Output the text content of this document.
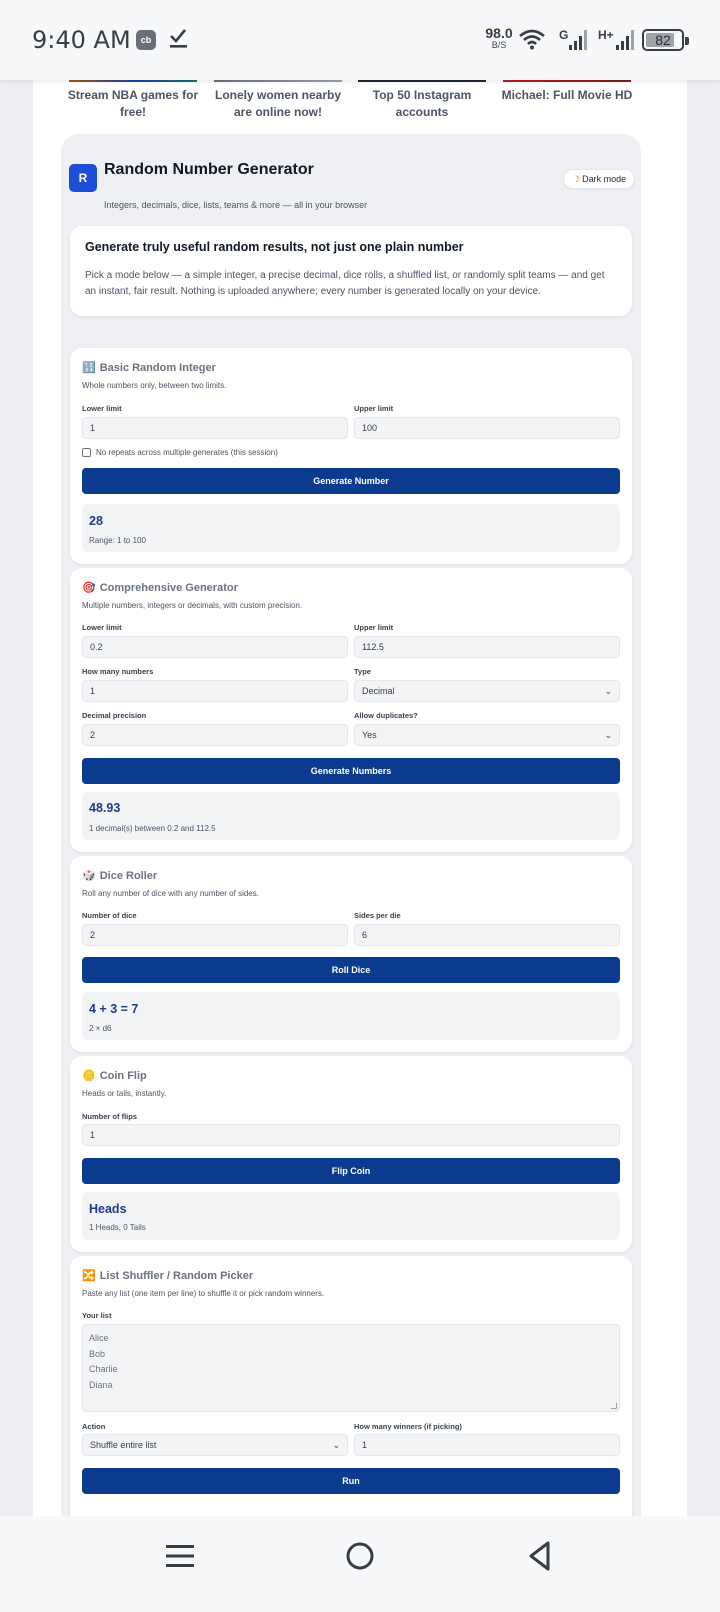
9:40 AM	cb	98.0
B/S
G H+	82
Stream NBA games for free!
Lonely women nearby are online now!
Top 50 Instagram accounts
Michael: Full Movie HD
R	Random Number Generator
Integers, decimals, dice, lists, teams & more — all in your browser
☽ Dark mode
Generate truly useful random results, not just one plain number

Pick a mode below — a simple integer, a precise decimal, dice rolls, a shuffled list, or randomly split teams — and get an instant, fair result. Nothing is uploaded anywhere; every number is generated locally on your device.

🔢 Basic Random Integer
Whole numbers only, between two limits.
Lower limit
1
Upper limit
100
No repeats across multiple generates (this session)
Generate Number
28
Range: 1 to 100
🎯 Comprehensive Generator
Multiple numbers, integers or decimals, with custom precision.
Lower limit
0.2
Upper limit
112.5
How many numbers
1
Type
Decimal	⌄
Decimal precision
2
Allow duplicates?
Yes	⌄
Generate Numbers
48.93
1 decimal(s) between 0.2 and 112.5
🎲 Dice Roller
Roll any number of dice with any number of sides.
Number of dice
2
Sides per die
6
Roll Dice
4 + 3 = 7
2 × d6
🪙 Coin Flip
Heads or tails, instantly.
Number of flips
1
Flip Coin
Heads
1 Heads, 0 Tails
🔀 List Shuffler / Random Picker
Paste any list (one item per line) to shuffle it or pick random winners.
Your list
Alice
Bob
Charlie
Diana
Action
Shuffle entire list	⌄
How many winners (if picking)
1
Run
